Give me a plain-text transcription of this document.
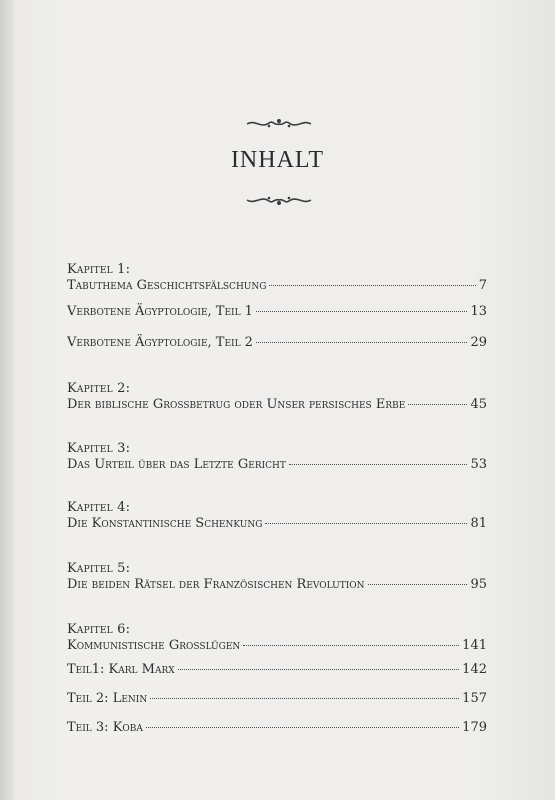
INHALT
Kapitel 1:
Tabuthema Geschichtsfälschung	7
Verbotene Ägyptologie, Teil 1	13
Verbotene Ägyptologie, Teil 2	29
Kapitel 2:
Der biblische Grossbetrug oder Unser persisches Erbe	45
Kapitel 3:
Das Urteil über das Letzte Gericht	53
Kapitel 4:
Die Konstantinische Schenkung	81
Kapitel 5:
Die beiden Rätsel der Französischen Revolution	95
Kapitel 6:
Kommunistische Grosslügen	141
Teil1: Karl Marx	142
Teil 2: Lenin	157
Teil 3: Koba	179
